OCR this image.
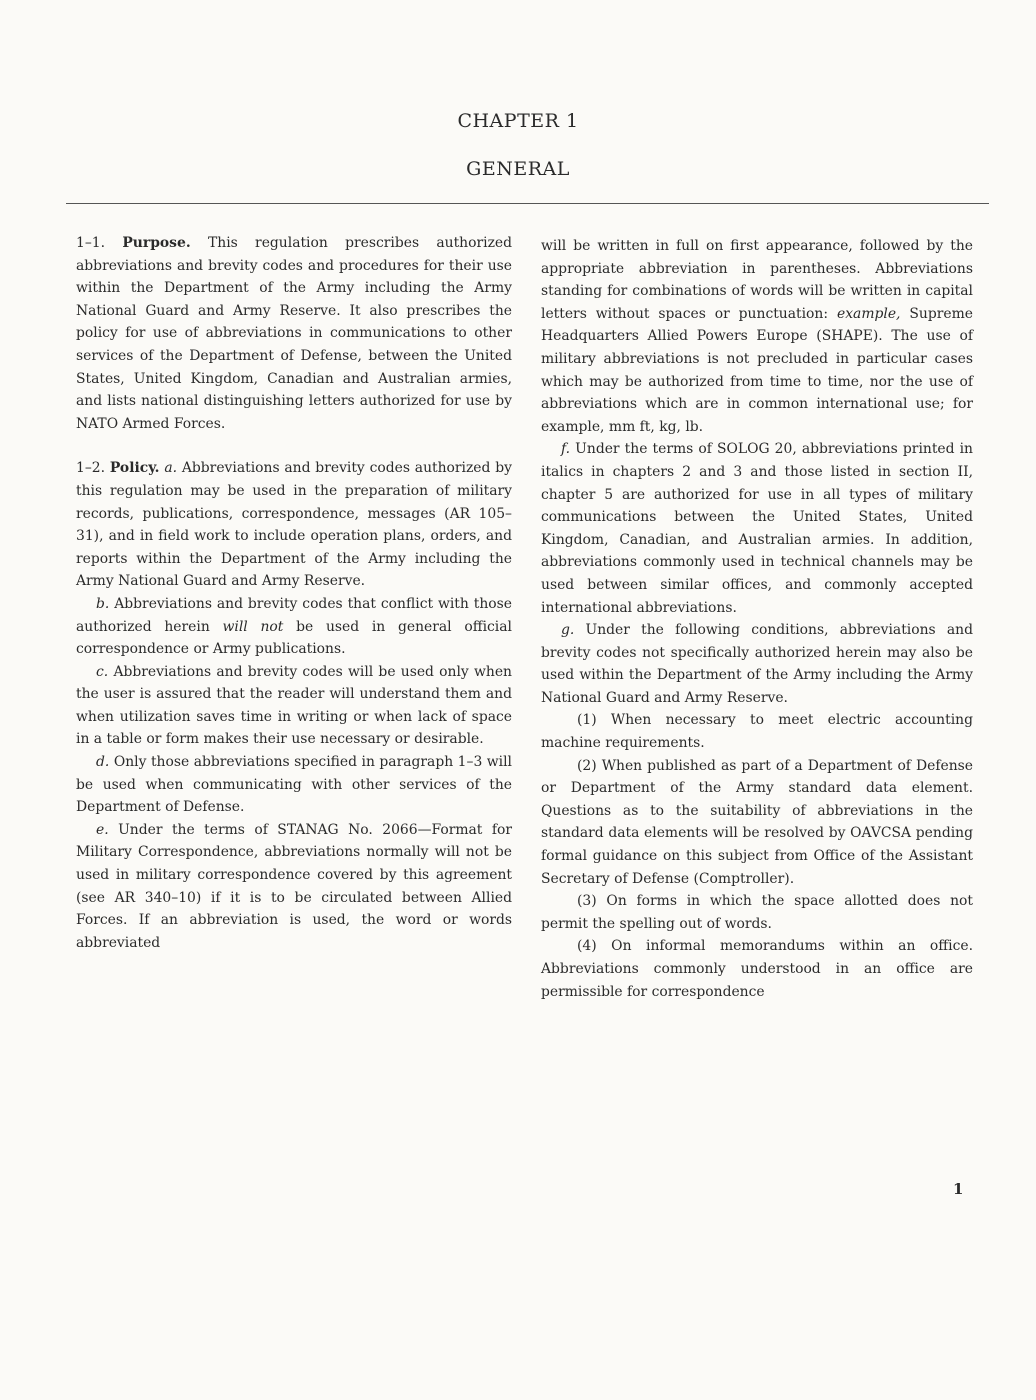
CHAPTER 1
GENERAL

1–1. Purpose. This regulation prescribes authorized abbreviations and brevity codes and procedures for their use within the Department of the Army including the Army National Guard and Army Reserve. It also prescribes the policy for use of abbreviations in communications to other services of the Department of Defense, between the United States, United Kingdom, Canadian and Australian armies, and lists national distinguishing letters authorized for use by NATO Armed Forces.

1–2. Policy. a. Abbreviations and brevity codes authorized by this regulation may be used in the preparation of military records, publications, correspondence, messages (AR 105–31), and in field work to include operation plans, orders, and reports within the Department of the Army including the Army National Guard and Army Reserve.

b. Abbreviations and brevity codes that conflict with those authorized herein will not be used in general official correspondence or Army publications.

c. Abbreviations and brevity codes will be used only when the user is assured that the reader will understand them and when utilization saves time in writing or when lack of space in a table or form makes their use necessary or desirable.

d. Only those abbreviations specified in paragraph 1–3 will be used when communicating with other services of the Department of Defense.

e. Under the terms of STANAG No. 2066—Format for Military Correspondence, abbreviations normally will not be used in military correspondence covered by this agreement (see AR 340–10) if it is to be circulated between Allied Forces. If an abbreviation is used, the word or words abbreviated

will be written in full on first appearance, followed by the appropriate abbreviation in parentheses. Abbreviations standing for combinations of words will be written in capital letters without spaces or punctuation: example, Supreme Headquarters Allied Powers Europe (SHAPE). The use of military abbreviations is not precluded in particular cases which may be authorized from time to time, nor the use of abbreviations which are in common international use; for example, mm ft, kg, lb.

f. Under the terms of SOLOG 20, abbreviations printed in italics in chapters 2 and 3 and those listed in section II, chapter 5 are authorized for use in all types of military communications between the United States, United Kingdom, Canadian, and Australian armies. In addition, abbreviations commonly used in technical channels may be used between similar offices, and commonly accepted international abbreviations.

g. Under the following conditions, abbreviations and brevity codes not specifically authorized herein may also be used within the Department of the Army including the Army National Guard and Army Reserve.

(1) When necessary to meet electric accounting machine requirements.

(2) When published as part of a Department of Defense or Department of the Army standard data element. Questions as to the suitability of abbreviations in the standard data elements will be resolved by OAVCSA pending formal guidance on this subject from Office of the Assistant Secretary of Defense (Comptroller).

(3) On forms in which the space allotted does not permit the spelling out of words.

(4) On informal memorandums within an office. Abbreviations commonly understood in an office are permissible for correspondence

1
